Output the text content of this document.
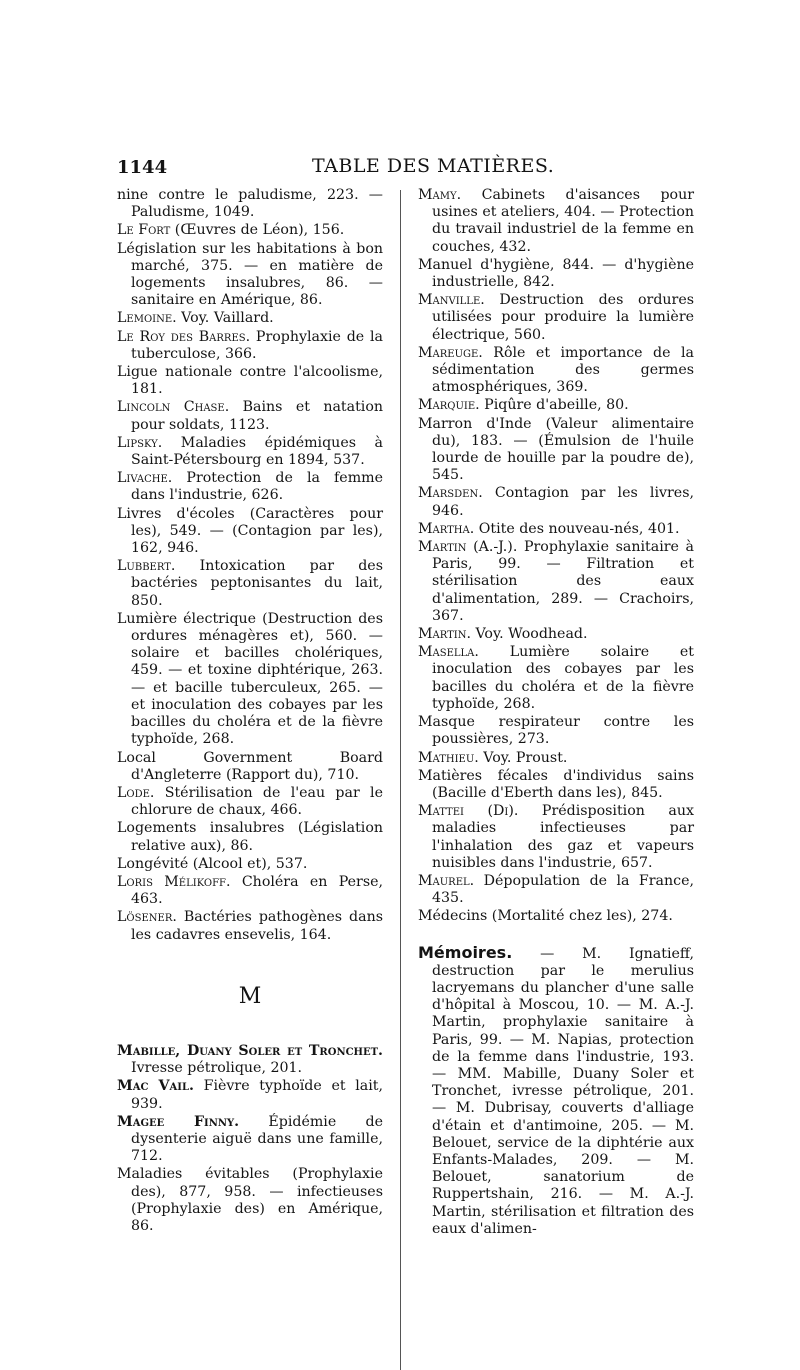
1144	TABLE DES MATIÈRES.

nine contre le paludisme, 223. — Paludisme, 1049.

Le Fort (Œuvres de Léon), 156.

Législation sur les habitations à bon marché, 375. — en matière de logements insalubres, 86. — sanitaire en Amérique, 86.

Lemoine. Voy. Vaillard.

Le Roy des Barres. Prophylaxie de la tuberculose, 366.

Ligue nationale contre l'alcoolisme, 181.

Lincoln Chase. Bains et natation pour soldats, 1123.

Lipsky. Maladies épidémiques à Saint-Pétersbourg en 1894, 537.

Livache. Protection de la femme dans l'industrie, 626.

Livres d'écoles (Caractères pour les), 549. — (Contagion par les), 162, 946.

Lubbert. Intoxication par des bactéries peptonisantes du lait, 850.

Lumière électrique (Destruction des ordures ménagères et), 560. — solaire et bacilles cholériques, 459. — et toxine diphtérique, 263. — et bacille tuberculeux, 265. — et inoculation des cobayes par les bacilles du choléra et de la fièvre typhoïde, 268.

Local Government Board d'Angleterre (Rapport du), 710.

Lode. Stérilisation de l'eau par le chlorure de chaux, 466.

Logements insalubres (Législation relative aux), 86.

Longévité (Alcool et), 537.

Loris Mélikoff. Choléra en Perse, 463.

Lösener. Bactéries pathogènes dans les cadavres ensevelis, 164.

M

Mabille, Duany Soler et Tronchet. Ivresse pétrolique, 201.

Mac Vail. Fièvre typhoïde et lait, 939.

Magee Finny. Épidémie de dysenterie aiguë dans une famille, 712.

Maladies évitables (Prophylaxie des), 877, 958. — infectieuses (Prophylaxie des) en Amérique, 86.

Mamy. Cabinets d'aisances pour usines et ateliers, 404. — Protection du travail industriel de la femme en couches, 432.

Manuel d'hygiène, 844. — d'hygiène industrielle, 842.

Manville. Destruction des ordures utilisées pour produire la lumière électrique, 560.

Mareuge. Rôle et importance de la sédimentation des germes atmosphériques, 369.

Marquie. Piqûre d'abeille, 80.

Marron d'Inde (Valeur alimentaire du), 183. — (Émulsion de l'huile lourde de houille par la poudre de), 545.

Marsden. Contagion par les livres, 946.

Martha. Otite des nouveau-nés, 401.

Martin (A.-J.). Prophylaxie sanitaire à Paris, 99. — Filtration et stérilisation des eaux d'alimentation, 289. — Crachoirs, 367.

Martin. Voy. Woodhead.

Masella. Lumière solaire et inoculation des cobayes par les bacilles du choléra et de la fièvre typhoïde, 268.

Masque respirateur contre les poussières, 273.

Mathieu. Voy. Proust.

Matières fécales d'individus sains (Bacille d'Eberth dans les), 845.

Mattei (Di). Prédisposition aux maladies infectieuses par l'inhalation des gaz et vapeurs nuisibles dans l'industrie, 657.

Maurel. Dépopulation de la France, 435.

Médecins (Mortalité chez les), 274.

Mémoires. — M. Ignatieff, destruction par le merulius lacryemans du plancher d'une salle d'hôpital à Moscou, 10. — M. A.-J. Martin, prophylaxie sanitaire à Paris, 99. — M. Napias, protection de la femme dans l'industrie, 193. — MM. Mabille, Duany Soler et Tronchet, ivresse pétrolique, 201. — M. Dubrisay, couverts d'alliage d'étain et d'antimoine, 205. — M. Belouet, service de la diphtérie aux Enfants-Malades, 209. — M. Belouet, sanatorium de Ruppertshain, 216. — M. A.-J. Martin, stérilisation et filtration des eaux d'alimen-
